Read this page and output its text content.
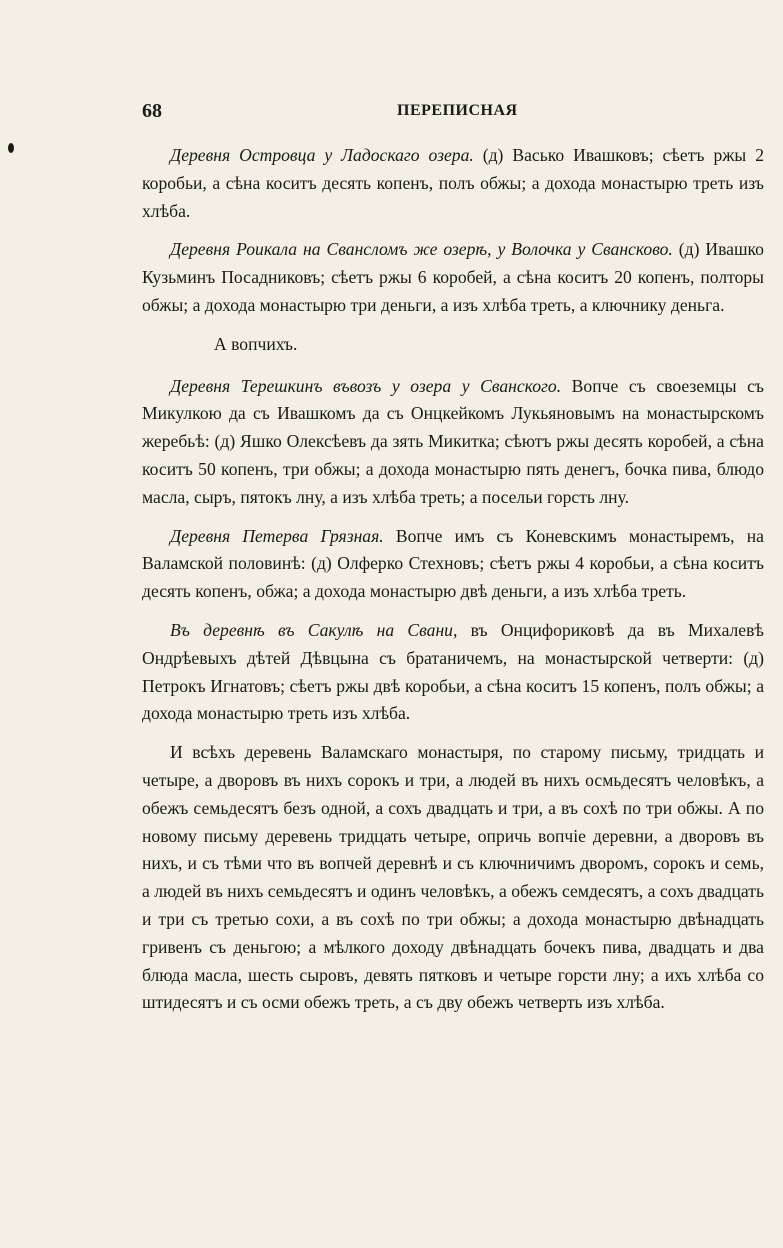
68	ПЕРЕПИСНАЯ

Деревня Островца у Ладоскаго озера. (д) Васько Ивашковъ; сѣетъ ржы 2 коробьи, а сѣна коситъ десять копенъ, полъ обжы; а дохода монастырю треть изъ хлѣба.

Деревня Роикала на Свансломъ же озерѣ, у Волочка у Свансково. (д) Ивашко Кузьминъ Посадниковъ; сѣетъ ржы 6 коробей, а сѣна коситъ 20 копенъ, полторы обжы; а дохода монастырю три деньги, а изъ хлѣба треть, а ключнику деньга.

А вопчихъ.

Деревня Терешкинъ въвозъ у озера у Сванского. Вопче съ своеземцы съ Микулкою да съ Ивашкомъ да съ Онцкейкомъ Лукьяновымъ на монастырскомъ жеребьѣ: (д) Яшко Олексѣевъ да зять Микитка; сѣютъ ржы десять коробей, а сѣна коситъ 50 копенъ, три обжы; а дохода монастырю пять денегъ, бочка пива, блюдо масла, сыръ, пятокъ лну, а изъ хлѣба треть; а посельи горсть лну.

Деревня Петерва Грязная. Вопче имъ съ Коневскимъ монастыремъ, на Валамской половинѣ: (д) Олферко Стехновъ; сѣетъ ржы 4 коробьи, а сѣна коситъ десять копенъ, обжа; а дохода монастырю двѣ деньги, а изъ хлѣба треть.

Въ деревнѣ въ Сакулѣ на Свани, въ Онцифориковѣ да въ Михалевѣ Ондрѣевыхъ дѣтей Дѣвцына съ братаничемъ, на монастырской четверти: (д) Петрокъ Игнатовъ; сѣетъ ржы двѣ коробьи, а сѣна коситъ 15 копенъ, полъ обжы; а дохода монастырю треть изъ хлѣба.

И всѣхъ деревень Валамскаго монастыря, по старому письму, тридцать и четыре, а дворовъ въ нихъ сорокъ и три, а людей въ нихъ осмьдесятъ человѣкъ, а обежъ семьдесятъ безъ одной, а сохъ двадцать и три, а въ сохѣ по три обжы. А по новому письму деревень тридцать четыре, опричь вопчіе деревни, а дворовъ въ нихъ, и съ тѣми что въ вопчей деревнѣ и съ ключничимъ дворомъ, сорокъ и семь, а людей въ нихъ семьдесятъ и одинъ человѣкъ, а обежъ семдесятъ, а сохъ двадцать и три съ третью сохи, а въ сохѣ по три обжы; а дохода монастырю двѣнадцать гривенъ съ деньгою; а мѣлкого доходу двѣнадцать бочекъ пива, двадцать и два блюда масла, шесть сыровъ, девять пятковъ и четыре горсти лну; а ихъ хлѣба со штидесятъ и съ осми обежъ треть, а съ дву обежъ четверть изъ хлѣба.
